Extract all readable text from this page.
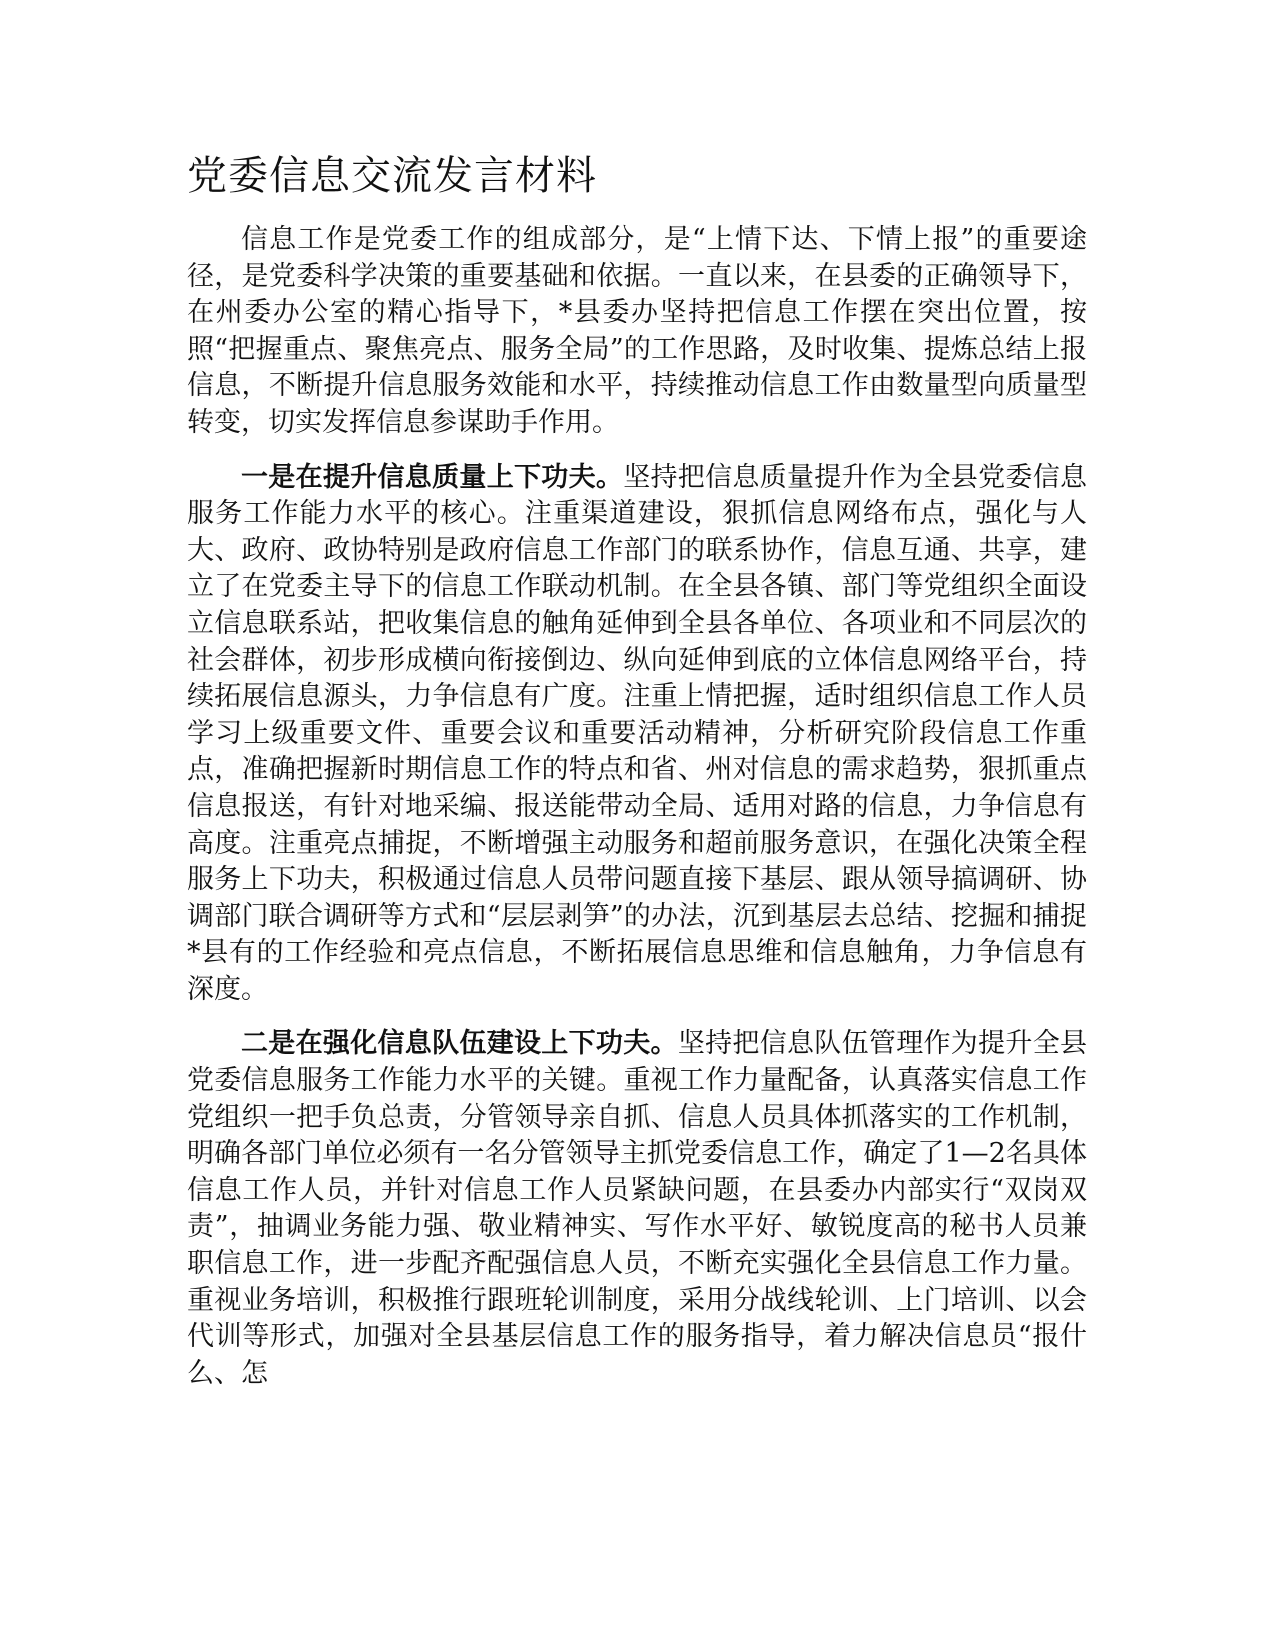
党委信息交流发言材料

信息工作是党委工作的组成部分，是“上情下达、下情上报”的重要途径，是党委科学决策的重要基础和依据。一直以来，在县委的正确领导下，在州委办公室的精心指导下，*县委办坚持把信息工作摆在突出位置，按照“把握重点、聚焦亮点、服务全局”的工作思路，及时收集、提炼总结上报信息，不断提升信息服务效能和水平，持续推动信息工作由数量型向质量型转变，切实发挥信息参谋助手作用。

一是在提升信息质量上下功夫。坚持把信息质量提升作为全县党委信息服务工作能力水平的核心。注重渠道建设，狠抓信息网络布点，强化与人大、政府、政协特别是政府信息工作部门的联系协作，信息互通、共享，建立了在党委主导下的信息工作联动机制。在全县各镇、部门等党组织全面设立信息联系站，把收集信息的触角延伸到全县各单位、各项业和不同层次的社会群体，初步形成横向衔接倒边、纵向延伸到底的立体信息网络平台，持续拓展信息源头，力争信息有广度。注重上情把握，适时组织信息工作人员学习上级重要文件、重要会议和重要活动精神，分析研究阶段信息工作重点，准确把握新时期信息工作的特点和省、州对信息的需求趋势，狠抓重点信息报送，有针对地采编、报送能带动全局、适用对路的信息，力争信息有高度。注重亮点捕捉，不断增强主动服务和超前服务意识，在强化决策全程服务上下功夫，积极通过信息人员带问题直接下基层、跟从领导搞调研、协调部门联合调研等方式和“层层剥笋”的办法，沉到基层去总结、挖掘和捕捉*县有的工作经验和亮点信息，不断拓展信息思维和信息触角，力争信息有深度。

二是在强化信息队伍建设上下功夫。坚持把信息队伍管理作为提升全县党委信息服务工作能力水平的关键。重视工作力量配备，认真落实信息工作党组织一把手负总责，分管领导亲自抓、信息人员具体抓落实的工作机制，明确各部门单位必须有一名分管领导主抓党委信息工作，确定了1—2名具体信息工作人员，并针对信息工作人员紧缺问题，在县委办内部实行“双岗双责”，抽调业务能力强、敬业精神实、写作水平好、敏锐度高的秘书人员兼职信息工作，进一步配齐配强信息人员，不断充实强化全县信息工作力量。重视业务培训，积极推行跟班轮训制度，采用分战线轮训、上门培训、以会代训等形式，加强对全县基层信息工作的服务指导，着力解决信息员“报什么、怎
